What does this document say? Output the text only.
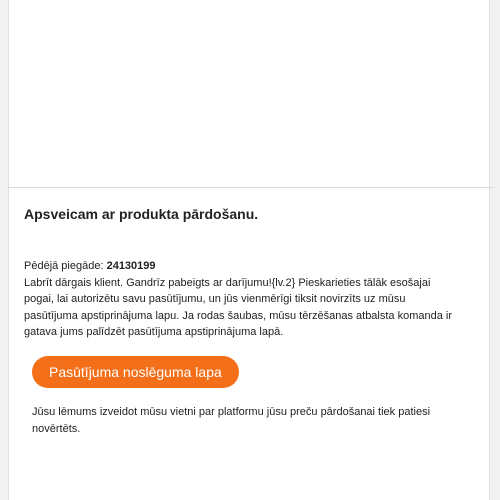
Apsveicam ar produkta pārdošanu.

Pēdējā piegāde: 24130199

Labrīt dārgais klient. Gandrīz pabeigts ar darījumu!{lv.2} Pieskarieties tālāk esošajai pogai, lai autorizētu savu pasūtījumu, un jūs vienmērīgi tiksit novirzīts uz mūsu pasūtījuma apstiprinājuma lapu. Ja rodas šaubas, mūsu tērzēšanas atbalsta komanda ir gatava jums palīdzēt pasūtījuma apstiprinājuma lapā.

Pasūtījuma noslēguma lapa

Jūsu lēmums izveidot mūsu vietni par platformu jūsu preču pārdošanai tiek patiesi novērtēts.
